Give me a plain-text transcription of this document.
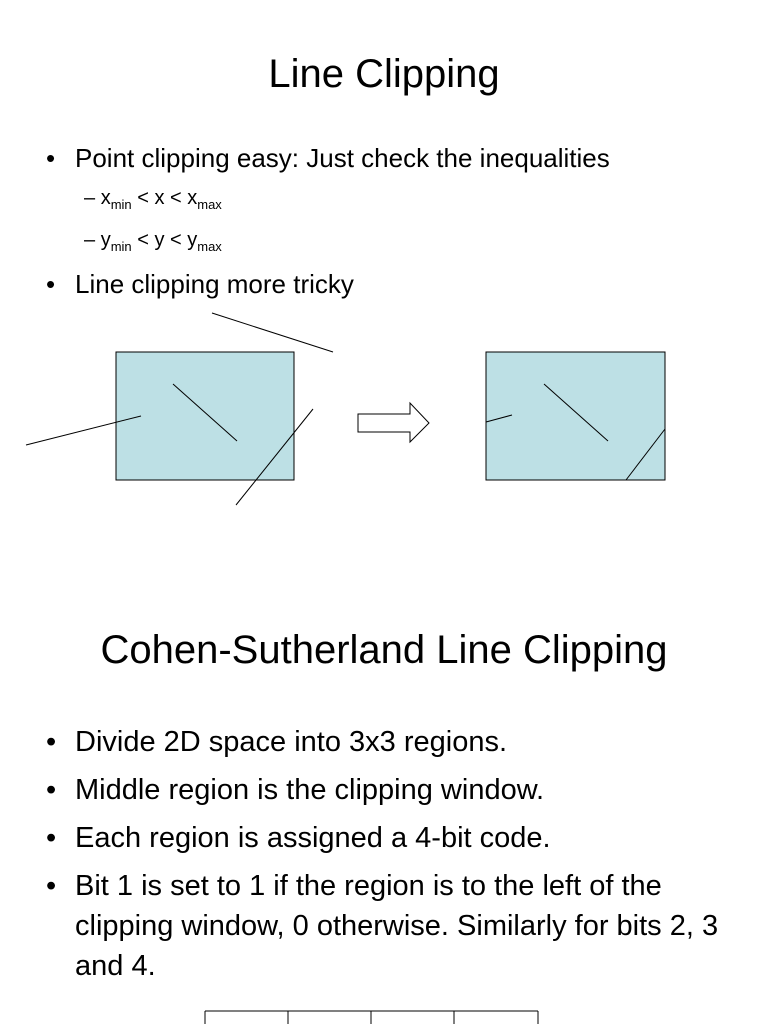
Line Clipping
• Point clipping easy: Just check the inequalities
– $x_{min} < x < x_{max}$
– $y_{min} < y < y_{max}$
• Line clipping more tricky
Cohen-Sutherland Line Clipping
• Divide 2D space into 3x3 regions.
• Middle region is the clipping window.
• Each region is assigned a 4-bit code.
• Bit 1 is set to 1 if the region is to the left of the clipping window, 0 otherwise. Similarly for bits 2, 3 and 4.
